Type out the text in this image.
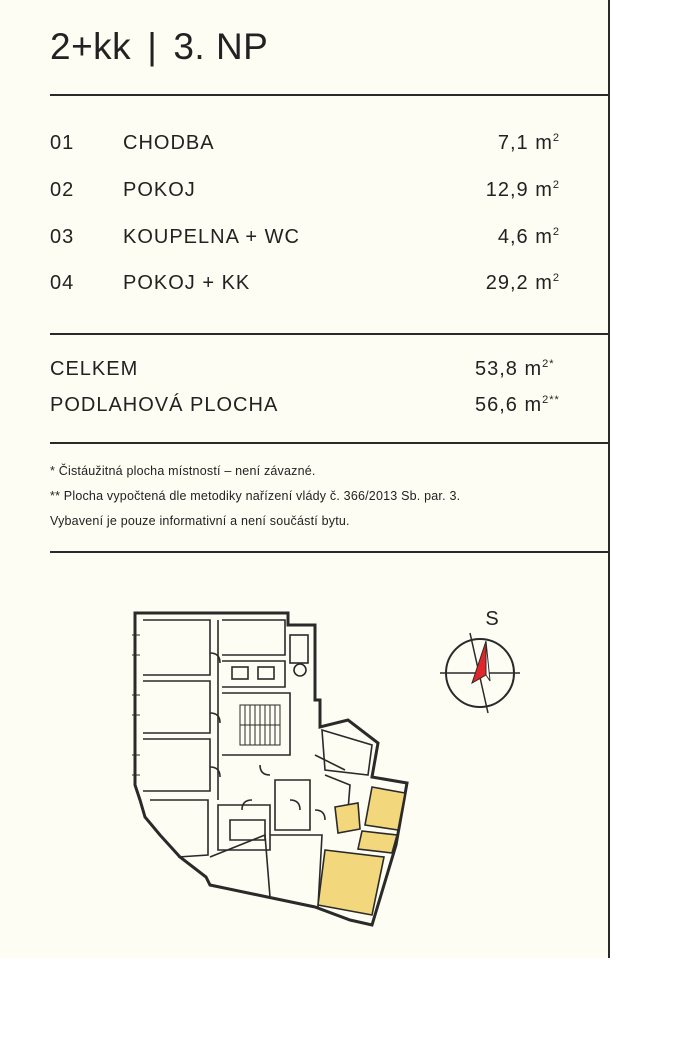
2+kk | 3. NP
01 CHODBA	7,1 $m^2$
02 POKOJ	12,9 $m^2$
03 KOUPELNA + WC	4,6 $m^2$
04 POKOJ + KK	29,2 $m^2$
CELKEM	53,8 $m^{2*}$
PODLAHOVÁ PLOCHA	56,6 $m^{2**}$
* Čistáužitná plocha místností – není závazné.
** Plocha vypočtená dle metodiky nařízení vlády č. 366/2013 Sb. par. 3.
Vybavení je pouze informativní a není součástí bytu.
S
